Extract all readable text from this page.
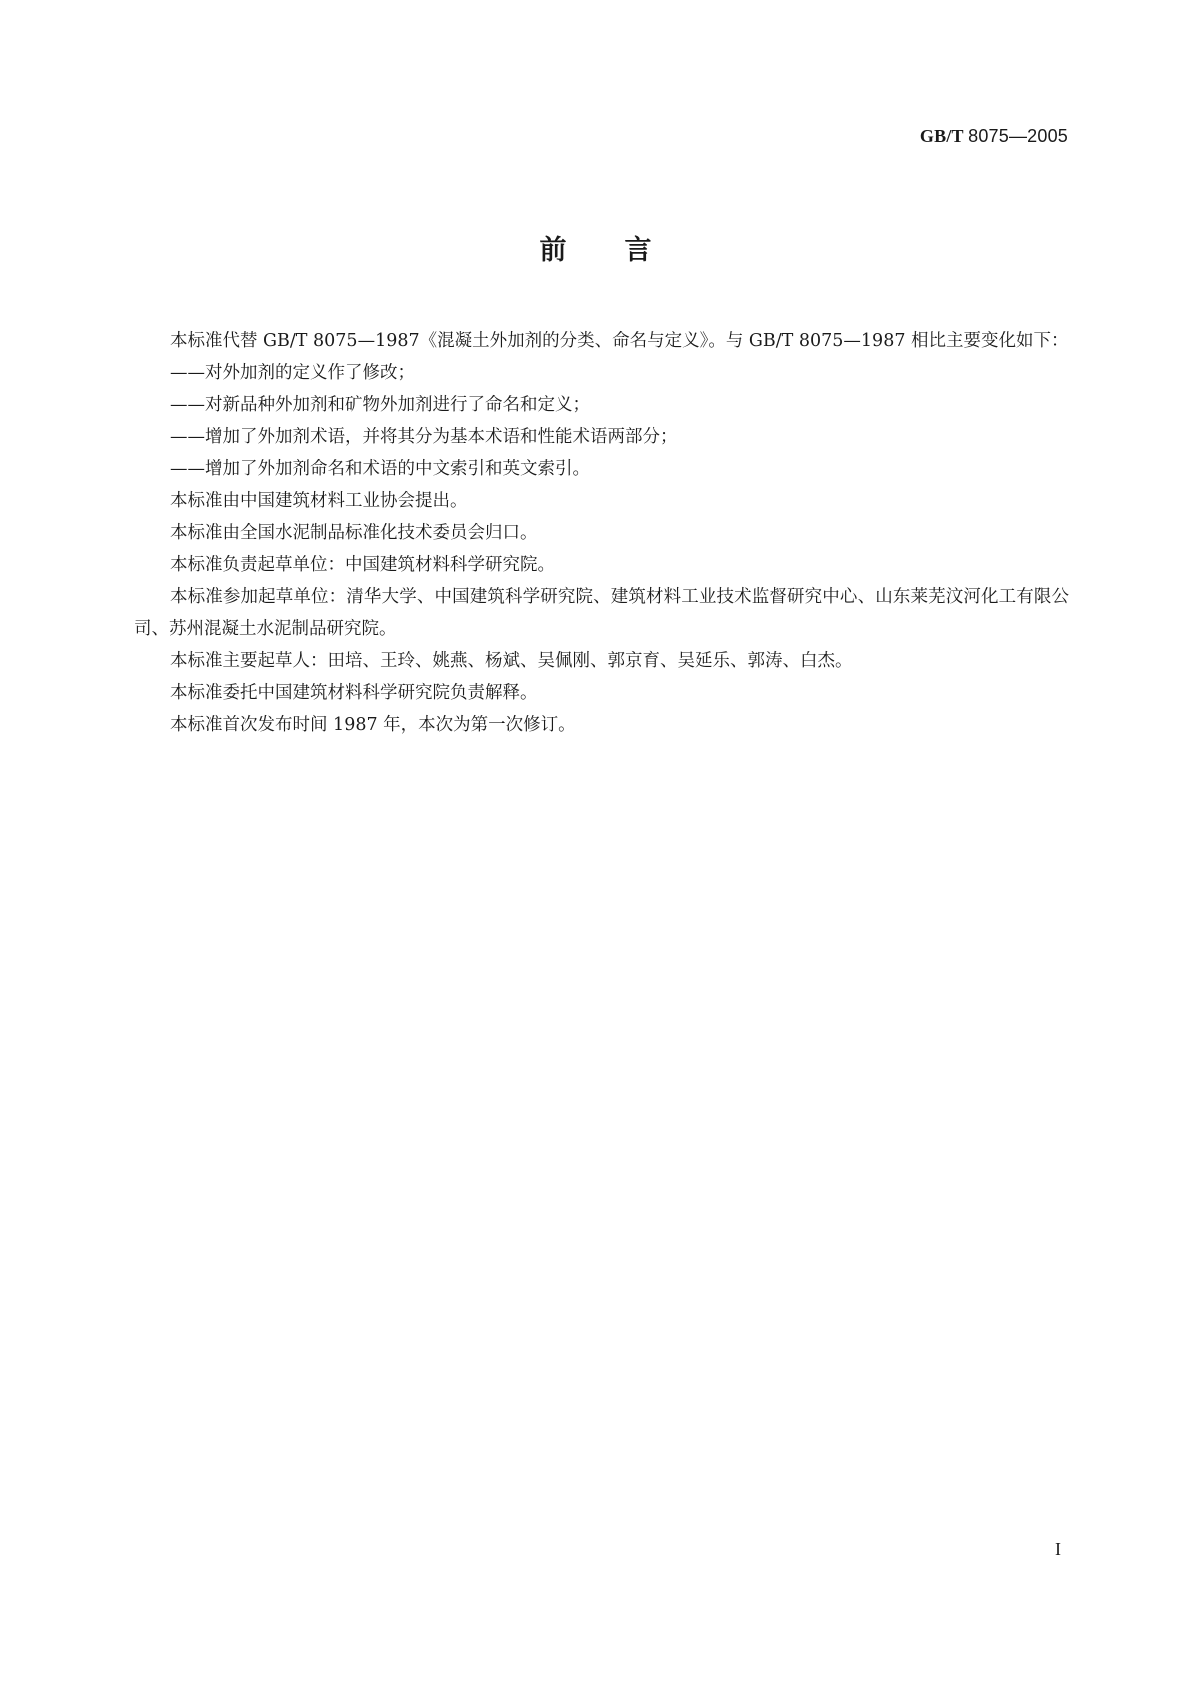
GB/T 8075—2005
前言

本标准代替 GB/T 8075—1987《混凝土外加剂的分类、命名与定义》。与 GB/T 8075—1987 相比主要变化如下：

——对外加剂的定义作了修改；

——对新品种外加剂和矿物外加剂进行了命名和定义；

——增加了外加剂术语，并将其分为基本术语和性能术语两部分；

——增加了外加剂命名和术语的中文索引和英文索引。

本标准由中国建筑材料工业协会提出。

本标准由全国水泥制品标准化技术委员会归口。

本标准负责起草单位：中国建筑材料科学研究院。

本标准参加起草单位：清华大学、中国建筑科学研究院、建筑材料工业技术监督研究中心、山东莱芜汶河化工有限公司、苏州混凝土水泥制品研究院。

本标准主要起草人：田培、王玲、姚燕、杨斌、吴佩刚、郭京育、吴延乐、郭涛、白杰。

本标准委托中国建筑材料科学研究院负责解释。

本标准首次发布时间 1987 年，本次为第一次修订。

I
